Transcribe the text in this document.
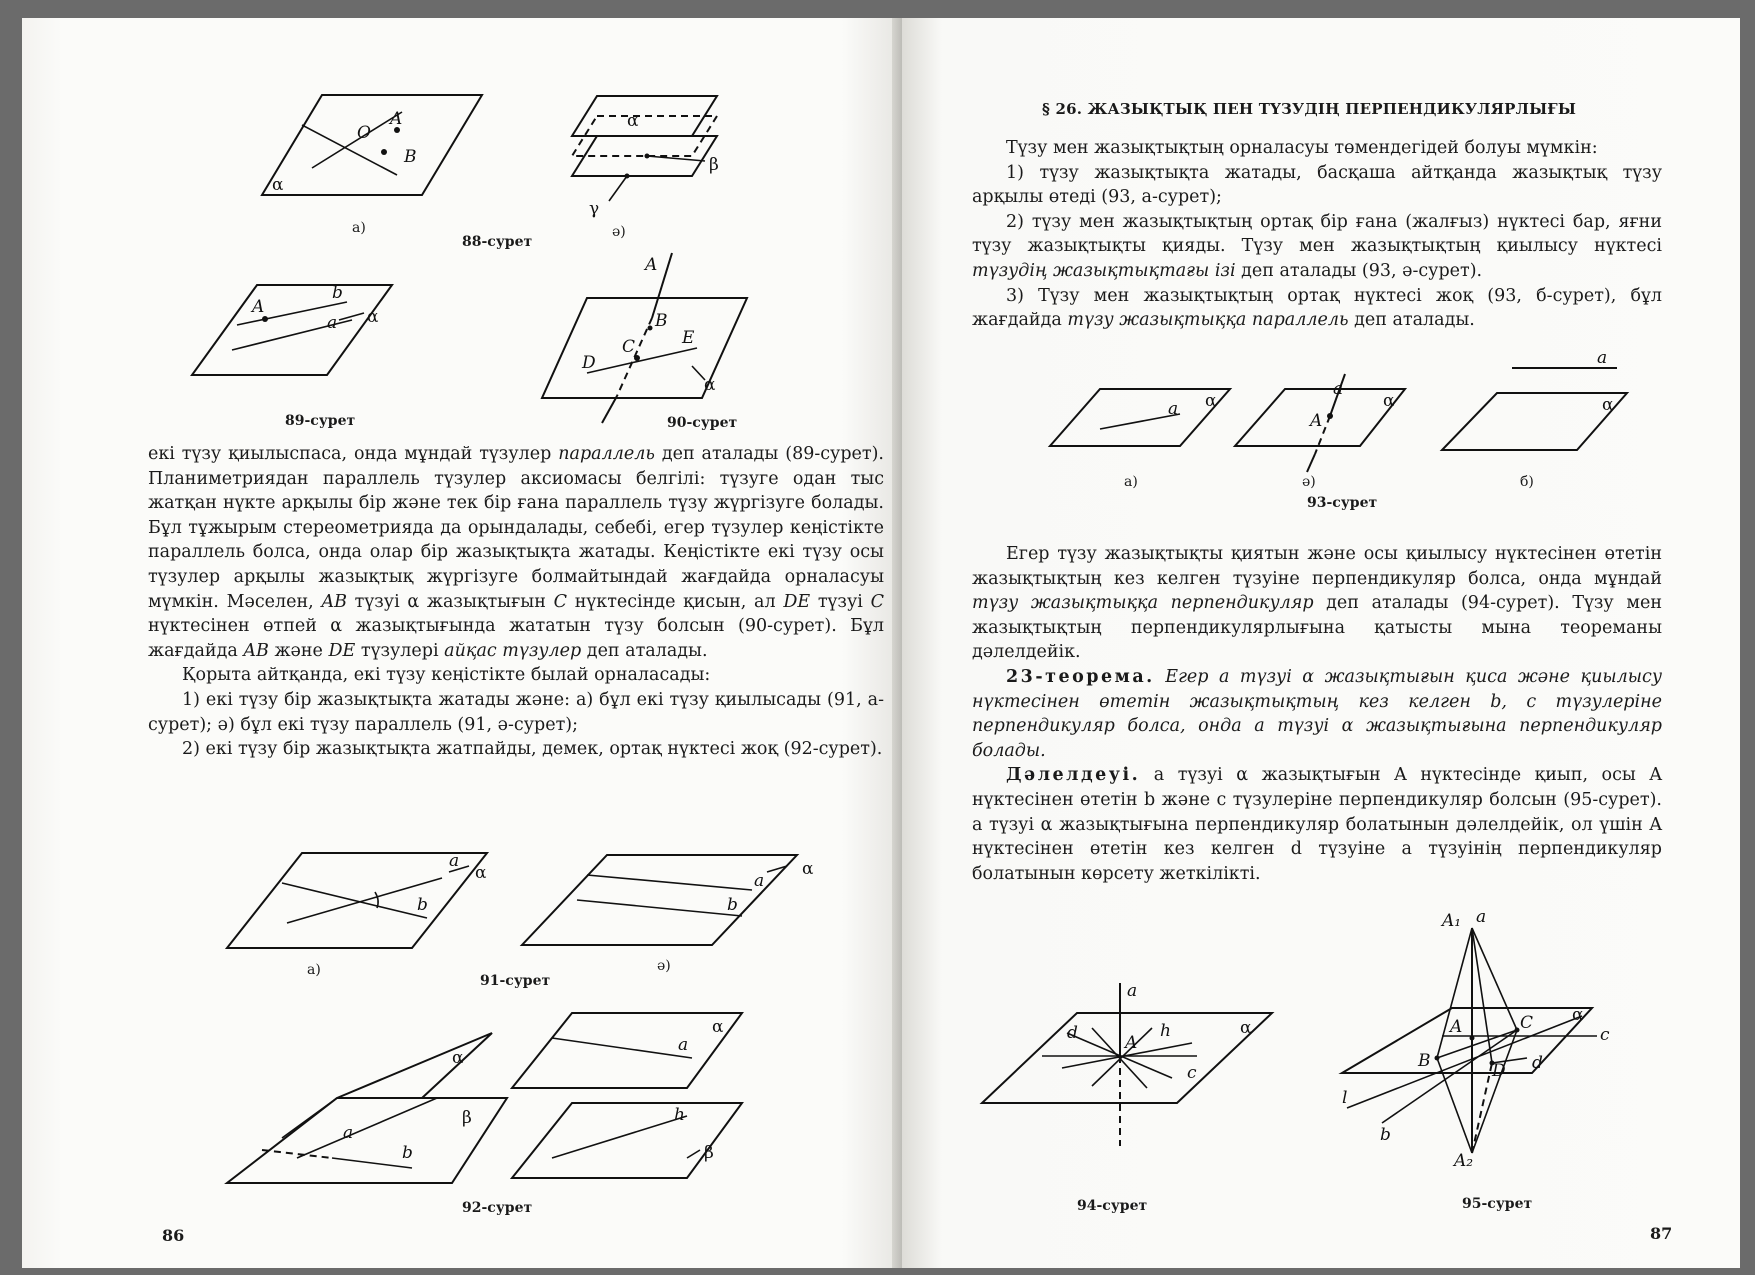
O
A
B
α
а)
α
β
γ
ә)
88-сурет
A
b
a α
89-сурет
A
B
C
D
E
α
90-сурет

екі түзу қиылыспаса, онда мұндай түзулер параллель деп аталады (89-сурет). Планиметриядан параллель түзулер аксиомасы белгілі: түзуге одан тыс жатқан нүкте арқылы бір және тек бір ғана параллель түзу жүргізуге болады. Бұл тұжырым стереометрияда да орындалады, себебі, егер түзулер кеңістікте параллель болса, онда олар бір жазықтықта жатады. Кеңістікте екі түзу осы түзулер арқылы жазықтық жүргізуге болмайтындай жағдайда орналасуы мүмкін. Мәселен, AB түзуі α жазықтығын C нүктесінде қисын, ал DE түзуі C нүктесінен өтпей α жазықтығында жататын түзу болсын (90-сурет). Бұл жағдайда AB және DE түзулері айқас түзулер деп аталады.

Қорыта айтқанда, екі түзу кеңістікте былай орналасады:

1) екі түзу бір жазықтықта жатады және: а) бұл екі түзу қиылысады (91, а-сурет); ә) бұл екі түзу параллель (91, ә-сурет);

2) екі түзу бір жазықтықта жатпайды, демек, ортақ нүктесі жоқ (92-сурет).

a
b
α
а)
a
b
α
ә)
91-сурет
α
β
a
b
92-сурет
α
a
h
β
86
§ 26. ЖАЗЫҚТЫҚ ПЕН ТҮЗУДІҢ ПЕРПЕНДИКУЛЯРЛЫҒЫ

Түзу мен жазықтықтың орналасуы төмендегідей болуы мүмкін:

1) түзу жазықтықта жатады, басқаша айтқанда жазықтық түзу арқылы өтеді (93, а-сурет);

2) түзу мен жазықтықтың ортақ бір ғана (жалғыз) нүктесі бар, яғни түзу жазықтықты қияды. Түзу мен жазықтықтың қиылысу нүктесі түзудің жазықтықтағы ізі деп аталады (93, ә-сурет).

3) Түзу мен жазықтықтың ортақ нүктесі жоқ (93, б-сурет), бұл жағдайда түзу жазықтыққа параллель деп аталады.

a α
а)
a
A
α
ә)
a
α
б)
93-сурет

Егер түзу жазықтықты қиятын және осы қиылысу нүктесінен өтетін жазықтықтың кез келген түзуіне перпендикуляр болса, онда мұндай түзу жазықтыққа перпендикуляр деп аталады (94-сурет). Түзу мен жазықтықтың перпендикулярлығына қатысты мына теореманы дәлелдейік.

23-теорема. Егер a түзуі α жазықтығын қиса және қиылысу нүктесінен өтетін жазықтықтың кез келген b, c түзулеріне перпендикуляр болса, онда a түзуі α жазықтығына перпендикуляр болады.

Дәлелдеуі. a түзуі α жазықтығын A нүктесінде қиып, осы A нүктесінен өтетін b және c түзулеріне перпендикуляр болсын (95-сурет). a түзуі α жазықтығына перпендикуляр болатынын дәлелдейік, ол үшін A нүктесінен өтетін кез келген d түзуіне a түзуінің перпендикуляр болатынын көрсету жеткілікті.

a
d	h
A
c
α
94-сурет
A₁ a
A	C α
c
B	D d
l
b
A₂
95-сурет
87
